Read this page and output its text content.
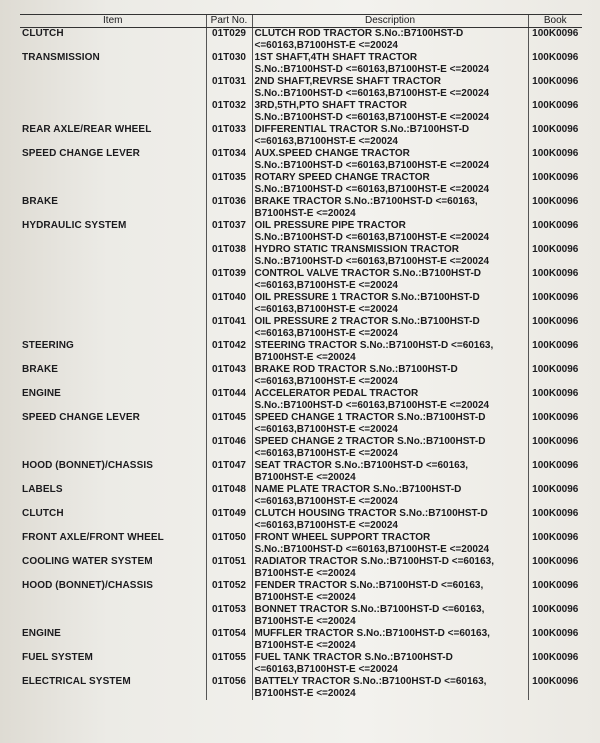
Item	Part No.	Description	Book
CLUTCH	01T029	CLUTCH ROD TRACTOR S.No.:B7100HST-D
<=60163,B7100HST-E <=20024	100K0096
TRANSMISSION	01T030	1ST SHAFT,4TH SHAFT TRACTOR
S.No.:B7100HST-D <=60163,B7100HST-E <=20024	100K0096
	01T031	2ND SHAFT,REVRSE SHAFT TRACTOR
S.No.:B7100HST-D <=60163,B7100HST-E <=20024	100K0096
	01T032	3RD,5TH,PTO SHAFT TRACTOR
S.No.:B7100HST-D <=60163,B7100HST-E <=20024	100K0096
REAR AXLE/REAR WHEEL	01T033	DIFFERENTIAL TRACTOR S.No.:B7100HST-D
<=60163,B7100HST-E <=20024	100K0096
SPEED CHANGE LEVER	01T034	AUX.SPEED CHANGE TRACTOR
S.No.:B7100HST-D <=60163,B7100HST-E <=20024	100K0096
	01T035	ROTARY SPEED CHANGE TRACTOR
S.No.:B7100HST-D <=60163,B7100HST-E <=20024	100K0096
BRAKE	01T036	BRAKE TRACTOR S.No.:B7100HST-D <=60163,
B7100HST-E <=20024	100K0096
HYDRAULIC SYSTEM	01T037	OIL PRESSURE PIPE TRACTOR
S.No.:B7100HST-D <=60163,B7100HST-E <=20024	100K0096
	01T038	HYDRO STATIC TRANSMISSION TRACTOR
S.No.:B7100HST-D <=60163,B7100HST-E <=20024	100K0096
	01T039	CONTROL VALVE TRACTOR S.No.:B7100HST-D
<=60163,B7100HST-E <=20024	100K0096
	01T040	OIL PRESSURE 1 TRACTOR S.No.:B7100HST-D
<=60163,B7100HST-E <=20024	100K0096
	01T041	OIL PRESSURE 2 TRACTOR S.No.:B7100HST-D
<=60163,B7100HST-E <=20024	100K0096
STEERING	01T042	STEERING TRACTOR S.No.:B7100HST-D <=60163,
B7100HST-E <=20024	100K0096
BRAKE	01T043	BRAKE ROD TRACTOR S.No.:B7100HST-D
<=60163,B7100HST-E <=20024	100K0096
ENGINE	01T044	ACCELERATOR PEDAL TRACTOR
S.No.:B7100HST-D <=60163,B7100HST-E <=20024	100K0096
SPEED CHANGE LEVER	01T045	SPEED CHANGE 1 TRACTOR S.No.:B7100HST-D
<=60163,B7100HST-E <=20024	100K0096
	01T046	SPEED CHANGE 2 TRACTOR S.No.:B7100HST-D
<=60163,B7100HST-E <=20024	100K0096
HOOD (BONNET)/CHASSIS	01T047	SEAT TRACTOR S.No.:B7100HST-D <=60163,
B7100HST-E <=20024	100K0096
LABELS	01T048	NAME PLATE TRACTOR S.No.:B7100HST-D
<=60163,B7100HST-E <=20024	100K0096
CLUTCH	01T049	CLUTCH HOUSING TRACTOR S.No.:B7100HST-D
<=60163,B7100HST-E <=20024	100K0096
FRONT AXLE/FRONT WHEEL	01T050	FRONT WHEEL SUPPORT TRACTOR
S.No.:B7100HST-D <=60163,B7100HST-E <=20024	100K0096
COOLING WATER SYSTEM	01T051	RADIATOR TRACTOR S.No.:B7100HST-D <=60163,
B7100HST-E <=20024	100K0096
HOOD (BONNET)/CHASSIS	01T052	FENDER TRACTOR S.No.:B7100HST-D <=60163,
B7100HST-E <=20024	100K0096
	01T053	BONNET TRACTOR S.No.:B7100HST-D <=60163,
B7100HST-E <=20024	100K0096
ENGINE	01T054	MUFFLER TRACTOR S.No.:B7100HST-D <=60163,
B7100HST-E <=20024	100K0096
FUEL SYSTEM	01T055	FUEL TANK TRACTOR S.No.:B7100HST-D
<=60163,B7100HST-E <=20024	100K0096
ELECTRICAL SYSTEM	01T056	BATTELY TRACTOR S.No.:B7100HST-D <=60163,
B7100HST-E <=20024	100K0096
